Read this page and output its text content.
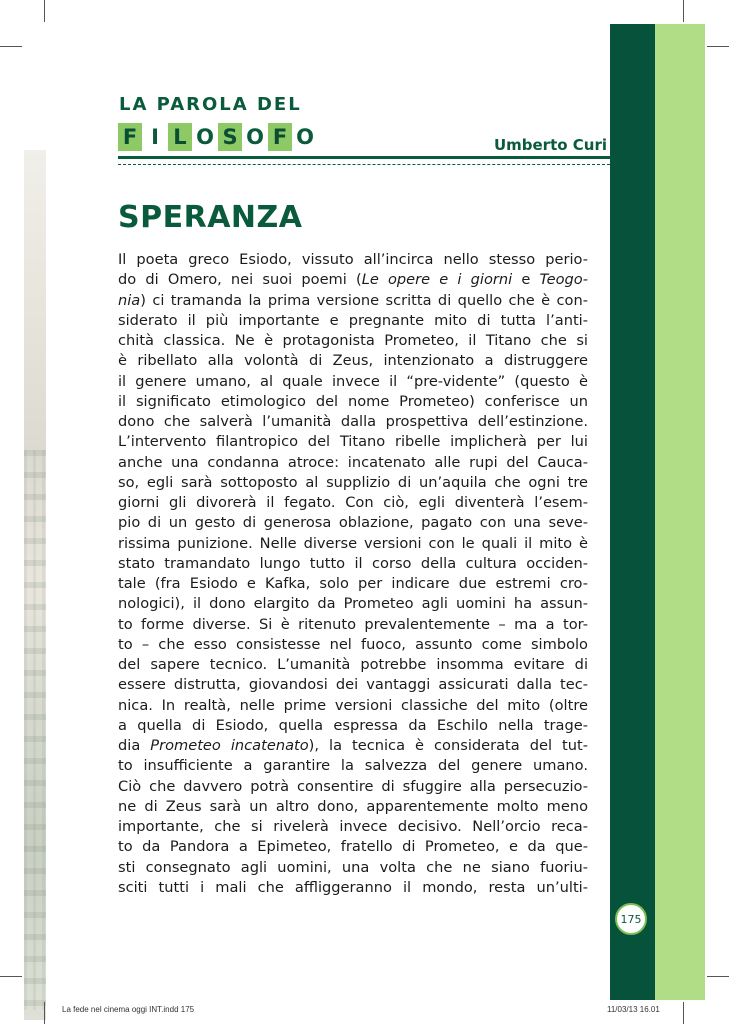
LA PAROLA DEL
F I L O S O F O	Umberto Curi
SPERANZA
Il poeta greco Esiodo, vissuto all’incirca nello stesso perio-
do di Omero, nei suoi poemi (Le opere e i giorni e Teogo-
nia) ci tramanda la prima versione scritta di quello che è con-
siderato il più importante e pregnante mito di tutta l’anti-
chità classica. Ne è protagonista Prometeo, il Titano che si
è ribellato alla volontà di Zeus, intenzionato a distruggere
il genere umano, al quale invece il “pre-vidente” (questo è
il significato etimologico del nome Prometeo) conferisce un
dono che salverà l’umanità dalla prospettiva dell’estinzione.
L’intervento filantropico del Titano ribelle implicherà per lui
anche una condanna atroce: incatenato alle rupi del Cauca-
so, egli sarà sottoposto al supplizio di un’aquila che ogni tre
giorni gli divorerà il fegato. Con ciò, egli diventerà l’esem-
pio di un gesto di generosa oblazione, pagato con una seve-
rissima punizione. Nelle diverse versioni con le quali il mito è
stato tramandato lungo tutto il corso della cultura occiden-
tale (fra Esiodo e Kafka, solo per indicare due estremi cro-
nologici), il dono elargito da Prometeo agli uomini ha assun-
to forme diverse. Si è ritenuto prevalentemente – ma a tor-
to – che esso consistesse nel fuoco, assunto come simbolo
del sapere tecnico. L’umanità potrebbe insomma evitare di
essere distrutta, giovandosi dei vantaggi assicurati dalla tec-
nica. In realtà, nelle prime versioni classiche del mito (oltre
a quella di Esiodo, quella espressa da Eschilo nella trage-
dia Prometeo incatenato), la tecnica è considerata del tut-
to insufficiente a garantire la salvezza del genere umano.
Ciò che davvero potrà consentire di sfuggire alla persecuzio-
ne di Zeus sarà un altro dono, apparentemente molto meno
importante, che si rivelerà invece decisivo. Nell’orcio reca-
to da Pandora a Epimeteo, fratello di Prometeo, e da que-
sti consegnato agli uomini, una volta che ne siano fuoriu-
sciti tutti i mali che affliggeranno il mondo, resta un’ulti-
175
La fede nel cinema oggi INT.indd 175	11/03/13 16.01
